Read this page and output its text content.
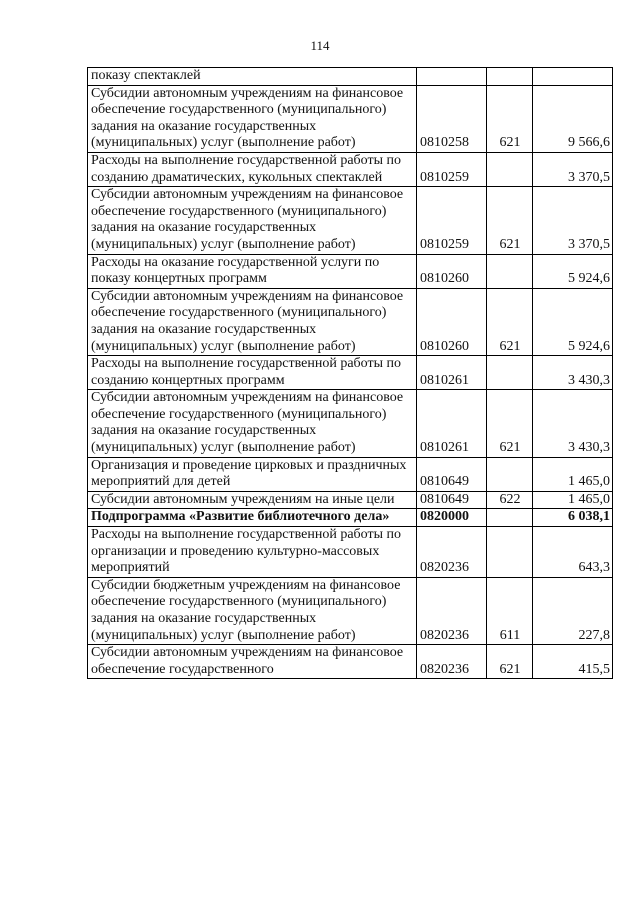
114
показу спектаклей			
Субсидии автономным учреждениям на финансовое обеспечение государственного (муниципального) задания на оказание государственных (муниципальных) услуг (выполнение работ)	0810258	621	9 566,6
Расходы на выполнение государственной работы по созданию драматических, кукольных спектаклей	0810259		3 370,5
Субсидии автономным учреждениям на финансовое обеспечение государственного (муниципального) задания на оказание государственных (муниципальных) услуг (выполнение работ)	0810259	621	3 370,5
Расходы на оказание государственной услуги по показу концертных программ	0810260		5 924,6
Субсидии автономным учреждениям на финансовое обеспечение государственного (муниципального) задания на оказание государственных (муниципальных) услуг (выполнение работ)	0810260	621	5 924,6
Расходы на выполнение государственной работы по созданию концертных программ	0810261		3 430,3
Субсидии автономным учреждениям на финансовое обеспечение государственного (муниципального) задания на оказание государственных (муниципальных) услуг (выполнение работ)	0810261	621	3 430,3
Организация и проведение цирковых и праздничных мероприятий для детей	0810649		1 465,0
Субсидии автономным учреждениям на иные цели	0810649	622	1 465,0
Подпрограмма «Развитие библиотечного дела»	0820000		6 038,1
Расходы на выполнение государственной работы по организации и проведению культурно-массовых мероприятий	0820236		643,3
Субсидии бюджетным учреждениям на финансовое обеспечение государственного (муниципального) задания на оказание государственных (муниципальных) услуг (выполнение работ)	0820236	611	227,8
Субсидии автономным учреждениям на финансовое обеспечение государственного	0820236	621	415,5
